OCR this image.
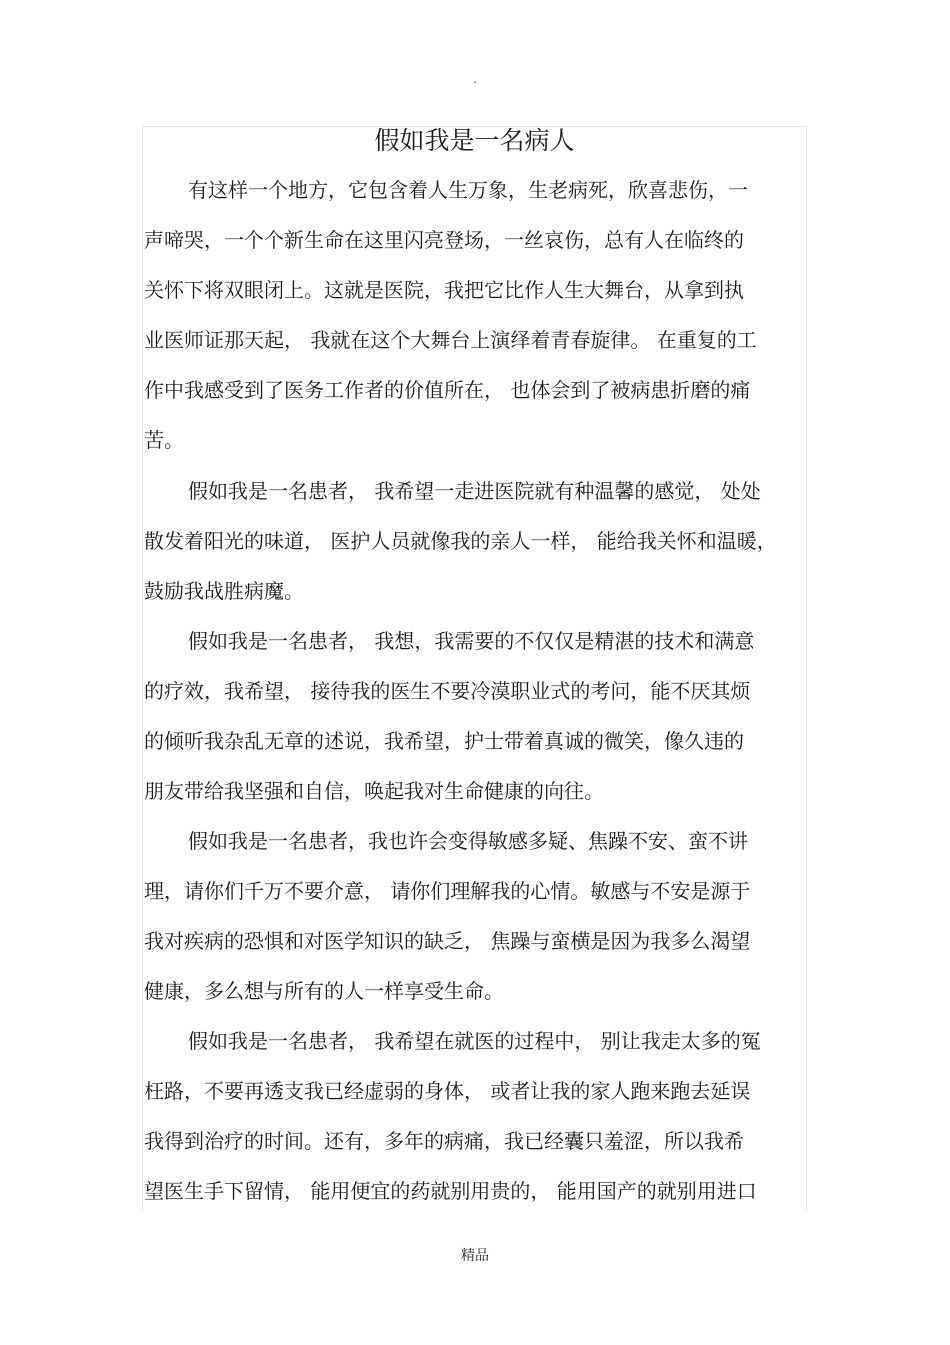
.
假如我是一名病人
有这样一个地方，它包含着人生万象，生老病死，欣喜悲伤，一
声啼哭，一个个新生命在这里闪亮登场，一丝哀伤，总有人在临终的
关怀下将双眼闭上。这就是医院，我把它比作人生大舞台，从拿到执
业医师证那天起， 我就在这个大舞台上演绎着青春旋律。 在重复的工
作中我感受到了医务工作者的价值所在， 也体会到了被病患折磨的痛
苦。
假如我是一名患者， 我希望一走进医院就有种温馨的感觉， 处处
散发着阳光的味道， 医护人员就像我的亲人一样， 能给我关怀和温暖，
鼓励我战胜病魔。
假如我是一名患者， 我想，我需要的不仅仅是精湛的技术和满意
的疗效，我希望， 接待我的医生不要冷漠职业式的考问，能不厌其烦
的倾听我杂乱无章的述说，我希望，护士带着真诚的微笑，像久违的
朋友带给我坚强和自信，唤起我对生命健康的向往。
假如我是一名患者，我也许会变得敏感多疑、焦躁不安、蛮不讲
理，请你们千万不要介意， 请你们理解我的心情。敏感与不安是源于
我对疾病的恐惧和对医学知识的缺乏， 焦躁与蛮横是因为我多么渴望
健康，多么想与所有的人一样享受生命。
假如我是一名患者， 我希望在就医的过程中， 别让我走太多的冤
枉路，不要再透支我已经虚弱的身体， 或者让我的家人跑来跑去延误
我得到治疗的时间。还有，多年的病痛，我已经囊只羞涩，所以我希
望医生手下留情， 能用便宜的药就别用贵的， 能用国产的就别用进口
精品
